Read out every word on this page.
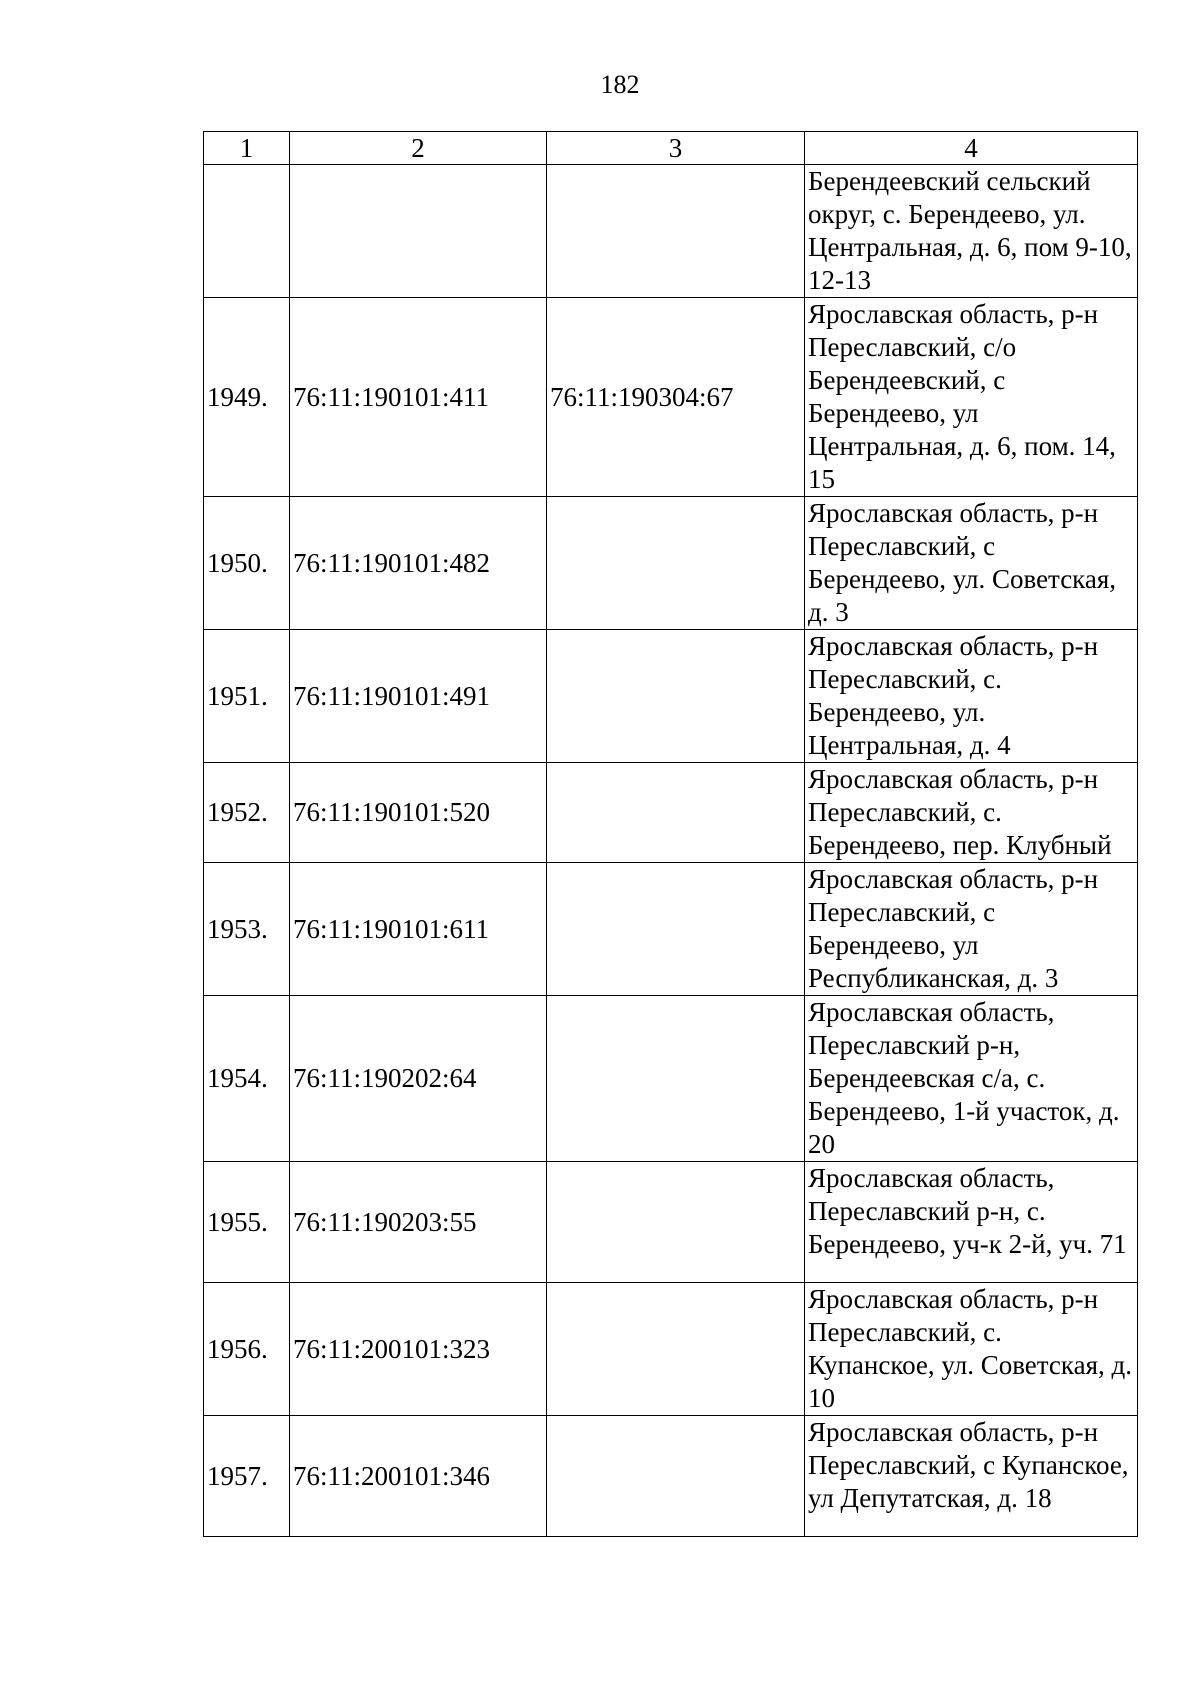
182
1	2	3	4
			Берендеевский сельский округ, с. Берендеево, ул. Центральная, д. 6, пом 9-10, 12-13
1949.	76:11:190101:411	76:11:190304:67	Ярославская область, р-н Переславский, с/о Берендеевский, с Берендеево, ул Центральная, д. 6, пом. 14, 15
1950.	76:11:190101:482		Ярославская область, р-н Переславский, с Берендеево, ул. Советская, д. 3
1951.	76:11:190101:491		Ярославская область, р-н Переславский, с. Берендеево, ул. Центральная, д. 4
1952.	76:11:190101:520		Ярославская область, р-н Переславский, с. Берендеево, пер. Клубный
1953.	76:11:190101:611		Ярославская область, р-н Переславский, с Берендеево, ул Республиканская, д. 3
1954.	76:11:190202:64		Ярославская область, Переславский р-н, Берендеевская с/а, с. Берендеево, 1-й участок, д. 20
1955.	76:11:190203:55		Ярославская область, Переславский р-н, с. Берендеево, уч-к 2-й, уч. 71
1956.	76:11:200101:323		Ярославская область, р-н Переславский, с. Купанское, ул. Советская, д. 10
1957.	76:11:200101:346		Ярославская область, р-н Переславский, с Купанское, ул Депутатская, д. 18
